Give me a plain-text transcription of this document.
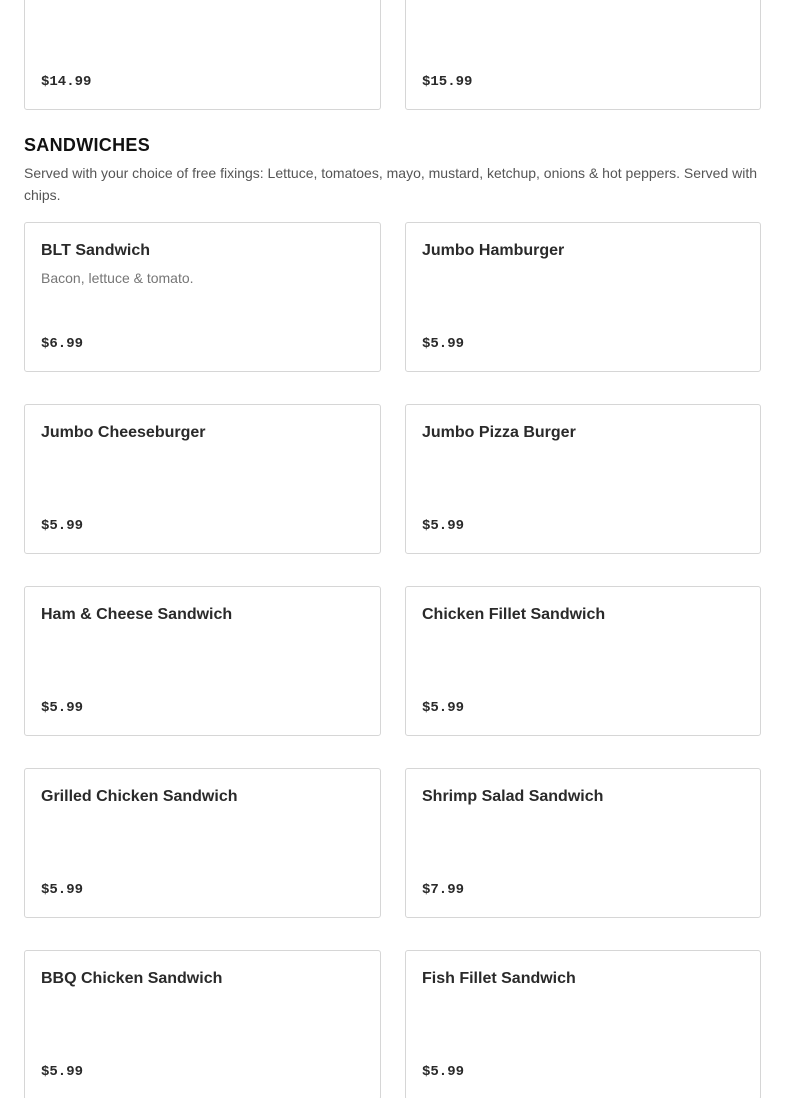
$14.99	$15.99
SANDWICHES

Served with your choice of free fixings: Lettuce, tomatoes, mayo, mustard, ketchup, onions & hot peppers. Served with chips.

BLT Sandwich
Bacon, lettuce & tomato.
$6.99
Jumbo Hamburger
$5.99
Jumbo Cheeseburger
$5.99
Jumbo Pizza Burger
$5.99
Ham & Cheese Sandwich
$5.99
Chicken Fillet Sandwich
$5.99
Grilled Chicken Sandwich
$5.99
Shrimp Salad Sandwich
$7.99
BBQ Chicken Sandwich
$5.99
Fish Fillet Sandwich
$5.99
